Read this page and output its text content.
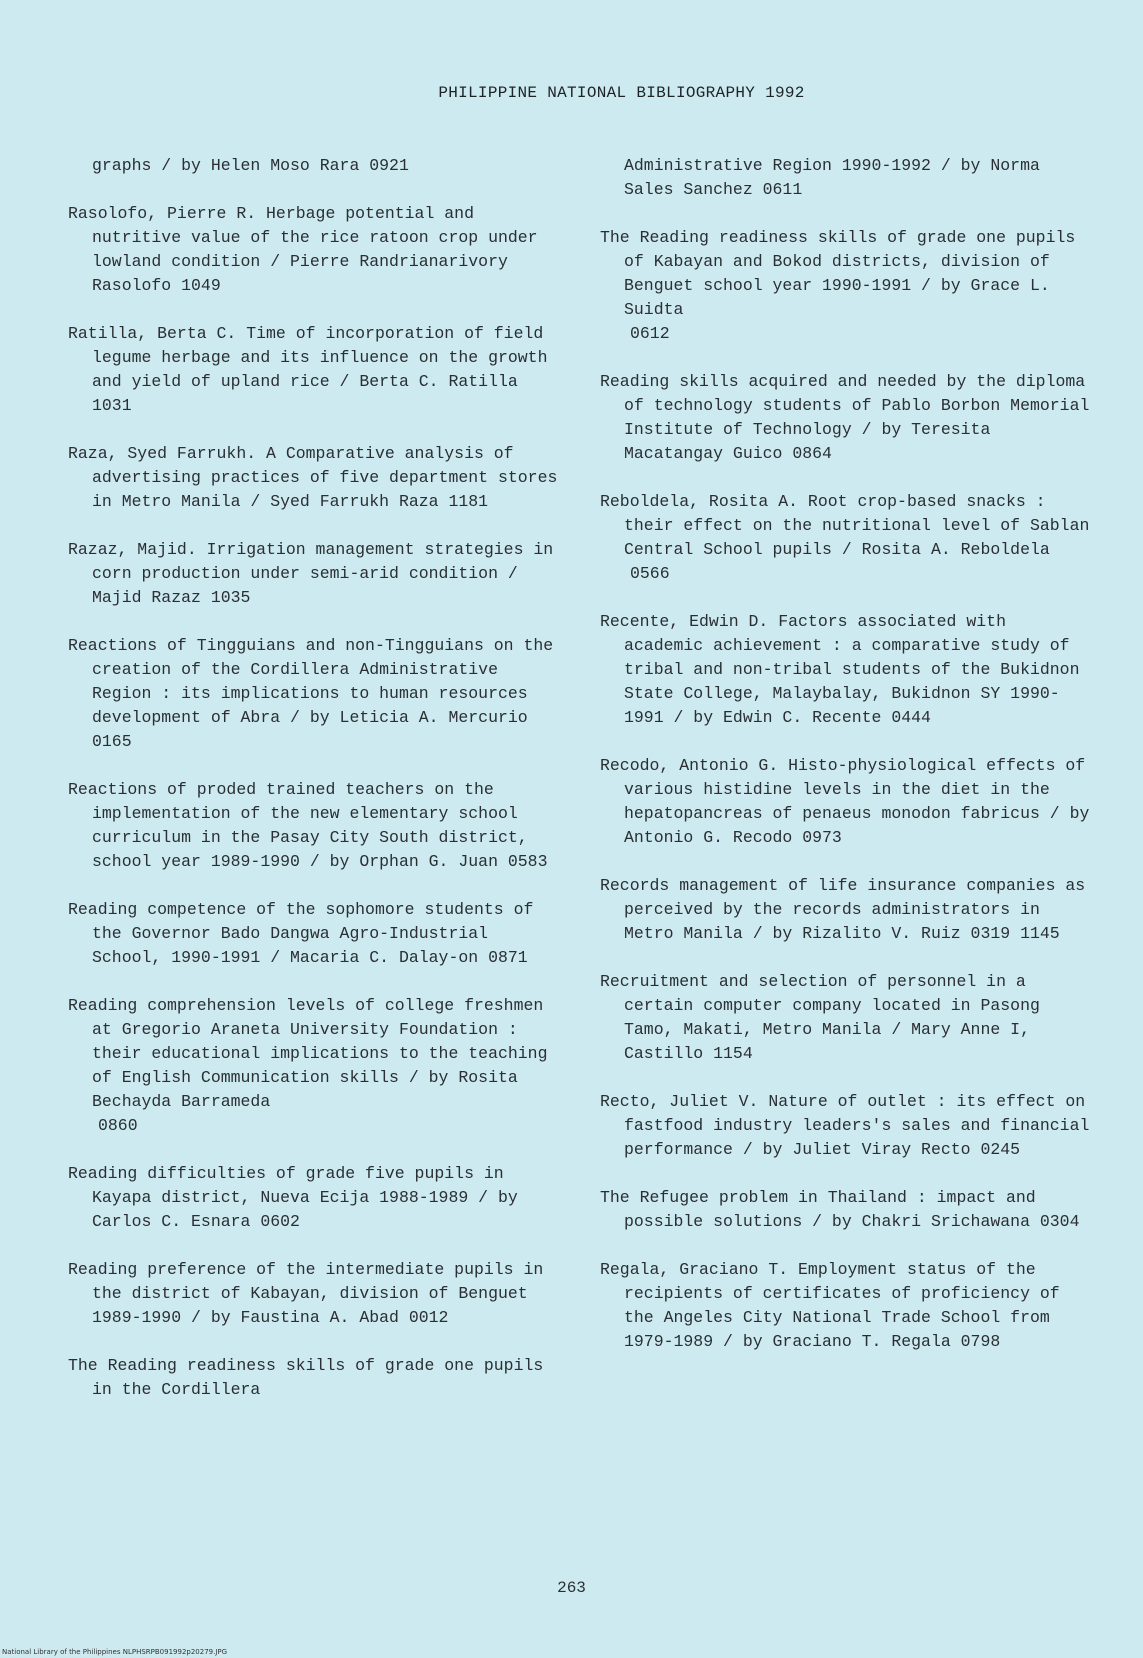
PHILIPPINE NATIONAL BIBLIOGRAPHY 1992

graphs / by Helen Moso Rara 0921

Rasolofo, Pierre R. Herbage potential and nutritive value of the rice ratoon crop under lowland condition / Pierre Randrianarivory Rasolofo 1049

Ratilla, Berta C. Time of incorporation of field legume herbage and its influence on the growth and yield of upland rice / Berta C. Ratilla 1031

Raza, Syed Farrukh. A Comparative analysis of advertising practices of five department stores in Metro Manila / Syed Farrukh Raza 1181

Razaz, Majid. Irrigation management strategies in corn production under semi-arid condition / Majid Razaz 1035

Reactions of Tingguians and non-Tingguians on the creation of the Cordillera Administrative Region : its implications to human resources development of Abra / by Leticia A. Mercurio 0165

Reactions of proded trained teachers on the implementation of the new elementary school curriculum in the Pasay City South district, school year 1989-1990 / by Orphan G. Juan 0583

Reading competence of the sophomore students of the Governor Bado Dangwa Agro-Industrial School, 1990-1991 / Macaria C. Dalay-on 0871

Reading comprehension levels of college freshmen at Gregorio Araneta University Foundation : their educational implications to the teaching of English Communication skills / by Rosita Bechayda Barrameda
0860

Reading difficulties of grade five pupils in Kayapa district, Nueva Ecija 1988-1989 / by Carlos C. Esnara 0602

Reading preference of the intermediate pupils in the district of Kabayan, division of Benguet 1989-1990 / by Faustina A. Abad 0012

The Reading readiness skills of grade one pupils in the Cordillera

Administrative Region 1990-1992 / by Norma Sales Sanchez 0611

The Reading readiness skills of grade one pupils of Kabayan and Bokod districts, division of Benguet school year 1990-1991 / by Grace L. Suidta
0612

Reading skills acquired and needed by the diploma of technology students of Pablo Borbon Memorial Institute of Technology / by Teresita Macatangay Guico 0864

Reboldela, Rosita A. Root crop-based snacks : their effect on the nutritional level of Sablan Central School pupils / Rosita A. Reboldela
0566

Recente, Edwin D. Factors associated with academic achievement : a comparative study of tribal and non-tribal students of the Bukidnon State College, Malaybalay, Bukidnon SY 1990-1991 / by Edwin C. Recente 0444

Recodo, Antonio G. Histo-physiological effects of various histidine levels in the diet in the hepatopancreas of penaeus monodon fabricus / by Antonio G. Recodo 0973

Records management of life insurance companies as perceived by the records administrators in Metro Manila / by Rizalito V. Ruiz 0319 1145

Recruitment and selection of personnel in a certain computer company located in Pasong Tamo, Makati, Metro Manila / Mary Anne I, Castillo 1154

Recto, Juliet V. Nature of outlet : its effect on fastfood industry leaders's sales and financial performance / by Juliet Viray Recto 0245

The Refugee problem in Thailand : impact and possible solutions / by Chakri Srichawana 0304

Regala, Graciano T. Employment status of the recipients of certificates of proficiency of the Angeles City National Trade School from 1979-1989 / by Graciano T. Regala 0798

263
National Library of the Philippines NLPHSRPB091992p20279.JPG
